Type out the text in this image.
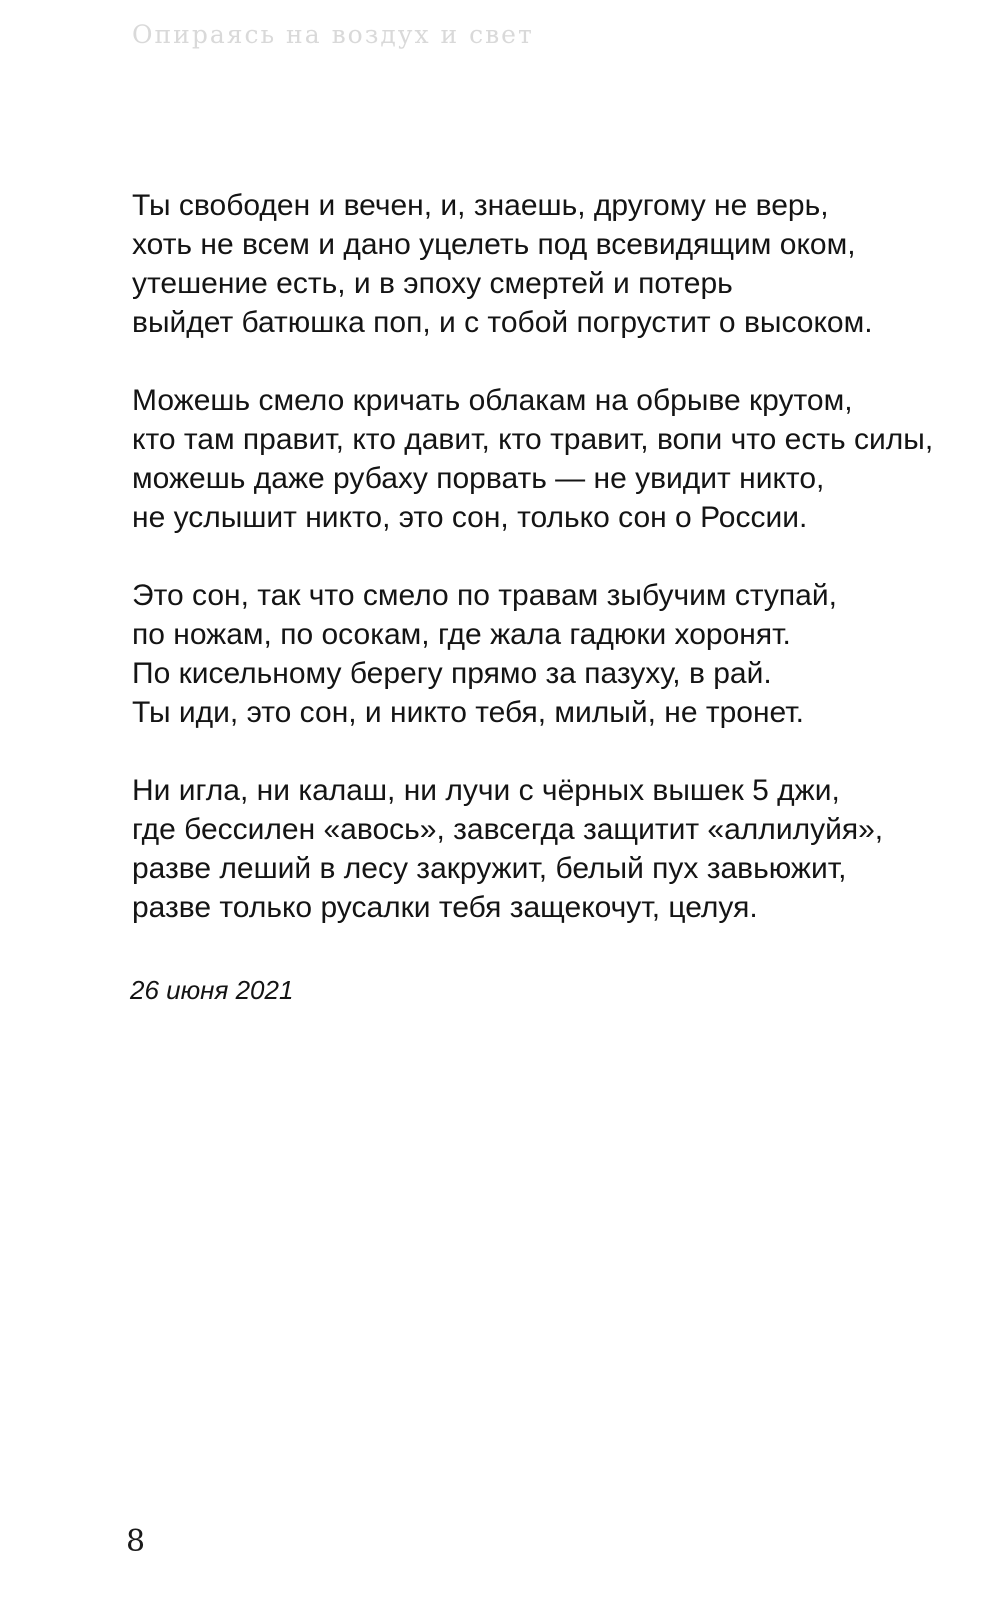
Опираясь на воздух и свет
Ты свободен и вечен, и, знаешь, другому не верь,
хоть не всем и дано уцелеть под всевидящим оком,
утешение есть, и в эпоху смертей и потерь
выйдет батюшка поп, и с тобой погрустит о высоком.
Можешь смело кричать облакам на обрыве крутом,
кто там правит, кто давит, кто травит, вопи что есть силы,
можешь даже рубаху порвать — не увидит никто,
не услышит никто, это сон, только сон о России.
Это сон, так что смело по травам зыбучим ступай,
по ножам, по осокам, где жала гадюки хоронят.
По кисельному берегу прямо за пазуху, в рай.
Ты иди, это сон, и никто тебя, милый, не тронет.
Ни игла, ни калаш, ни лучи с чёрных вышек 5 джи,
где бессилен «авось», завсегда защитит «аллилуйя»,
разве леший в лесу закружит, белый пух завьюжит,
разве только русалки тебя защекочут, целуя.
26 июня 2021
8
